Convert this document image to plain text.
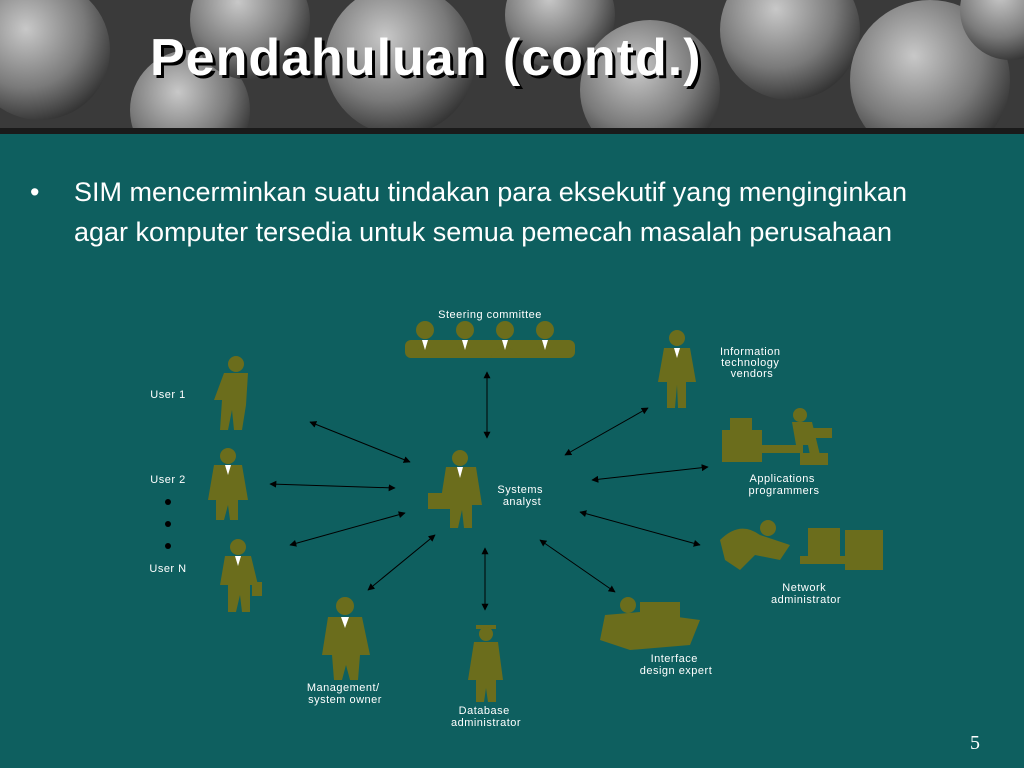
Pendahuluan (contd.)
• SIM mencerminkan suatu tindakan para eksekutif yang menginginkan agar komputer tersedia untuk semua pemecah masalah perusahaan
Steering committee
Information technology vendors
User 1
User 2
User N
Systems analyst
Applications programmers
Network administrator
Interface design expert
Database administrator
Management/ system owner
5
